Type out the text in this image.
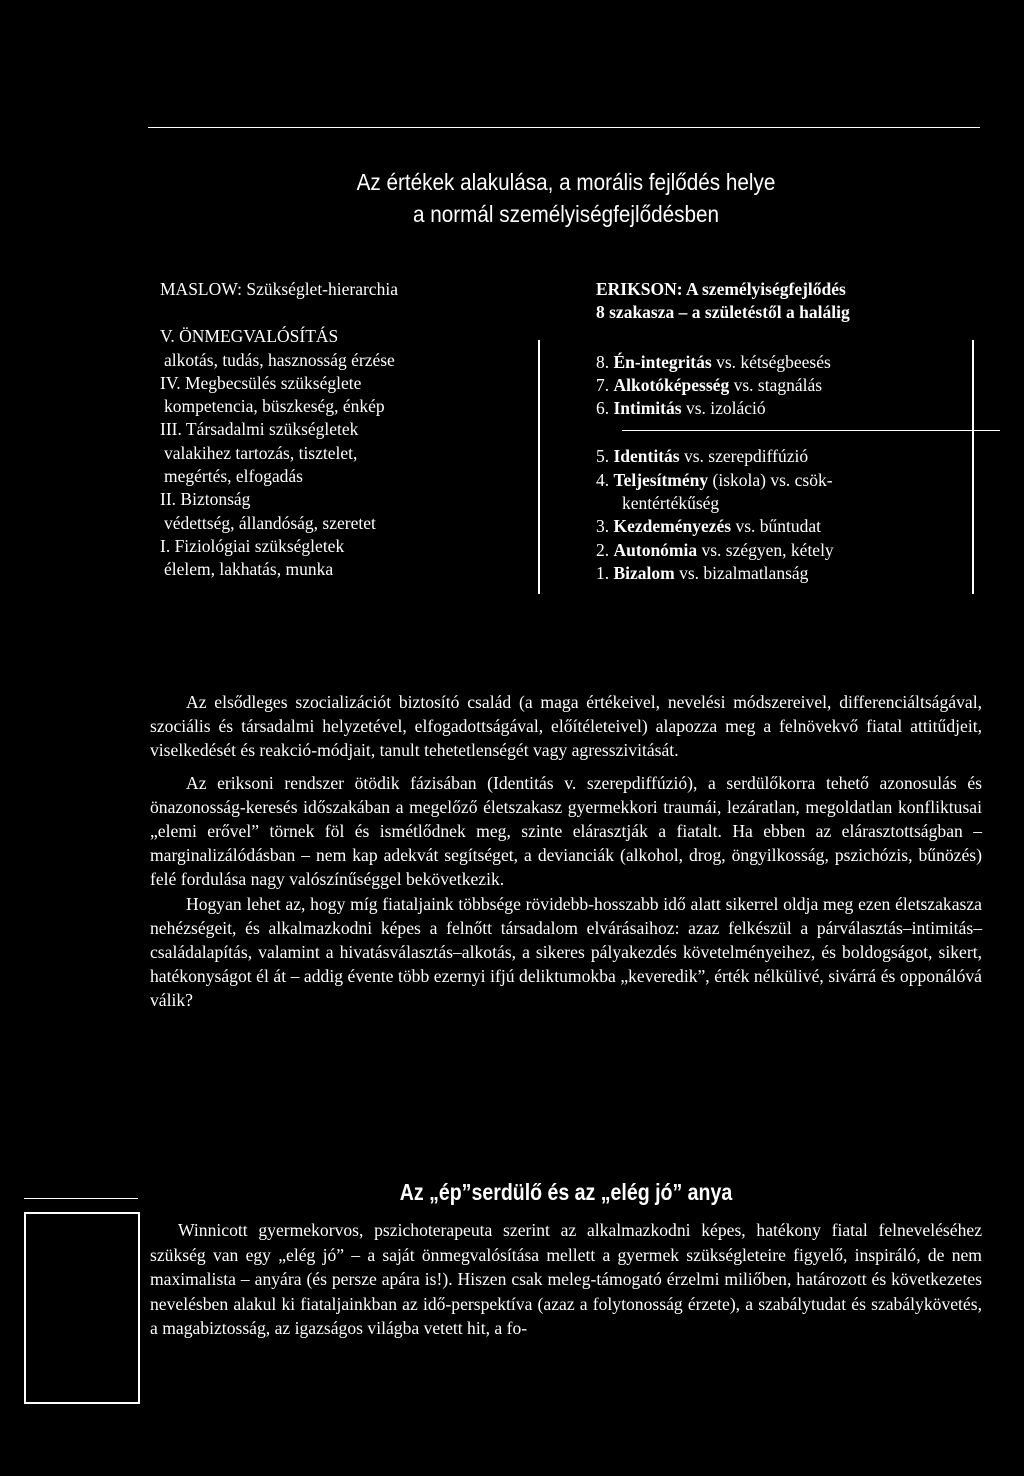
Az értékek alakulása, a morális fejlődés helye
a normál személyiségfejlődésben
MASLOW: Szükséglet-hierarchia
V. ÖNMEGVALÓSÍTÁS
alkotás, tudás, hasznosság érzése
IV. Megbecsülés szükséglete
kompetencia, büszkeség, énkép
III. Társadalmi szükségletek
valakihez tartozás, tisztelet,
megértés, elfogadás
II. Biztonság
védettség, állandóság, szeretet
I. Fiziológiai szükségletek
élelem, lakhatás, munka
ERIKSON: A személyiségfejlődés
8 szakasza – a születéstől a halálig
8. Én-integritás vs. kétségbeesés
7. Alkotóképesség vs. stagnálás
6. Intimitás vs. izoláció
5. Identitás vs. szerepdiffúzió
4. Teljesítmény (iskola) vs. csök-
kentértékűség
3. Kezdeményezés vs. bűntudat
2. Autonómia vs. szégyen, kétely
1. Bizalom vs. bizalmatlanság

Az elsődleges szocializációt biztosító család (a maga értékeivel, nevelési módszereivel, differenciáltságával, szociális és társadalmi helyzetével, elfogadottságával, előítéleteivel) alapozza meg a felnövekvő fiatal attitűdjeit, viselkedését és reakció-módjait, tanult tehetetlenségét vagy agresszivitását.

Az eriksoni rendszer ötödik fázisában (Identitás v. szerepdiffúzió), a serdülőkorra tehető azonosulás és önazonosság-keresés időszakában a megelőző életszakasz gyermekkori traumái, lezáratlan, megoldatlan konfliktusai „elemi erővel” törnek föl és ismétlődnek meg, szinte elárasztják a fiatalt. Ha ebben az elárasztottságban – marginalizálódásban – nem kap adekvát segítséget, a devianciák (alkohol, drog, öngyilkosság, pszichózis, bűnözés) felé fordulása nagy valószínűséggel bekövetkezik.

Hogyan lehet az, hogy míg fiataljaink többsége rövidebb-hosszabb idő alatt sikerrel oldja meg ezen életszakasza nehézségeit, és alkalmazkodni képes a felnőtt társadalom elvárásaihoz: azaz felkészül a párválasztás–intimitás–családalapítás, valamint a hivatásválasztás–alkotás, a sikeres pályakezdés követelményeihez, és boldogságot, sikert, hatékonyságot él át – addig évente több ezernyi ifjú deliktumokba „keveredik”, érték nélkülivé, sivárrá és opponálóvá válik?

Az „ép”serdülő és az „elég jó” anya

Winnicott gyermekorvos, pszichoterapeuta szerint az alkalmazkodni képes, hatékony fiatal felneveléséhez szükség van egy „elég jó” – a saját önmegvalósítása mellett a gyermek szükségleteire figyelő, inspiráló, de nem maximalista – anyára (és persze apára is!). Hiszen csak meleg-támogató érzelmi miliőben, határozott és következetes nevelésben alakul ki fiataljainkban az idő-perspektíva (azaz a folytonosság érzete), a szabálytudat és szabálykövetés, a magabiztosság, az igazságos világba vetett hit, a fo-
